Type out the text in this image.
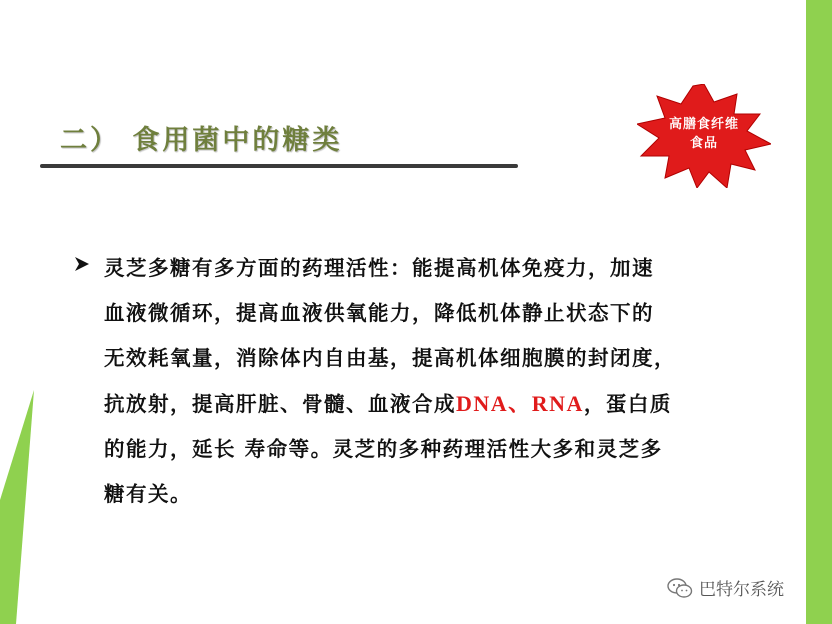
二） 食用菌中的糖类
高膳食纤维
食品
灵芝多糖有多方面的药理活性：能提高机体免疫力，加速
血液微循环，提高血液供氧能力，降低机体静止状态下的
无效耗氧量，消除体内自由基，提高机体细胞膜的封闭度，
抗放射，提高肝脏、骨髓、血液合成DNA、RNA，蛋白质
的能力，延长 寿命等。灵芝的多种药理活性大多和灵芝多
糖有关。
巴特尔系统
